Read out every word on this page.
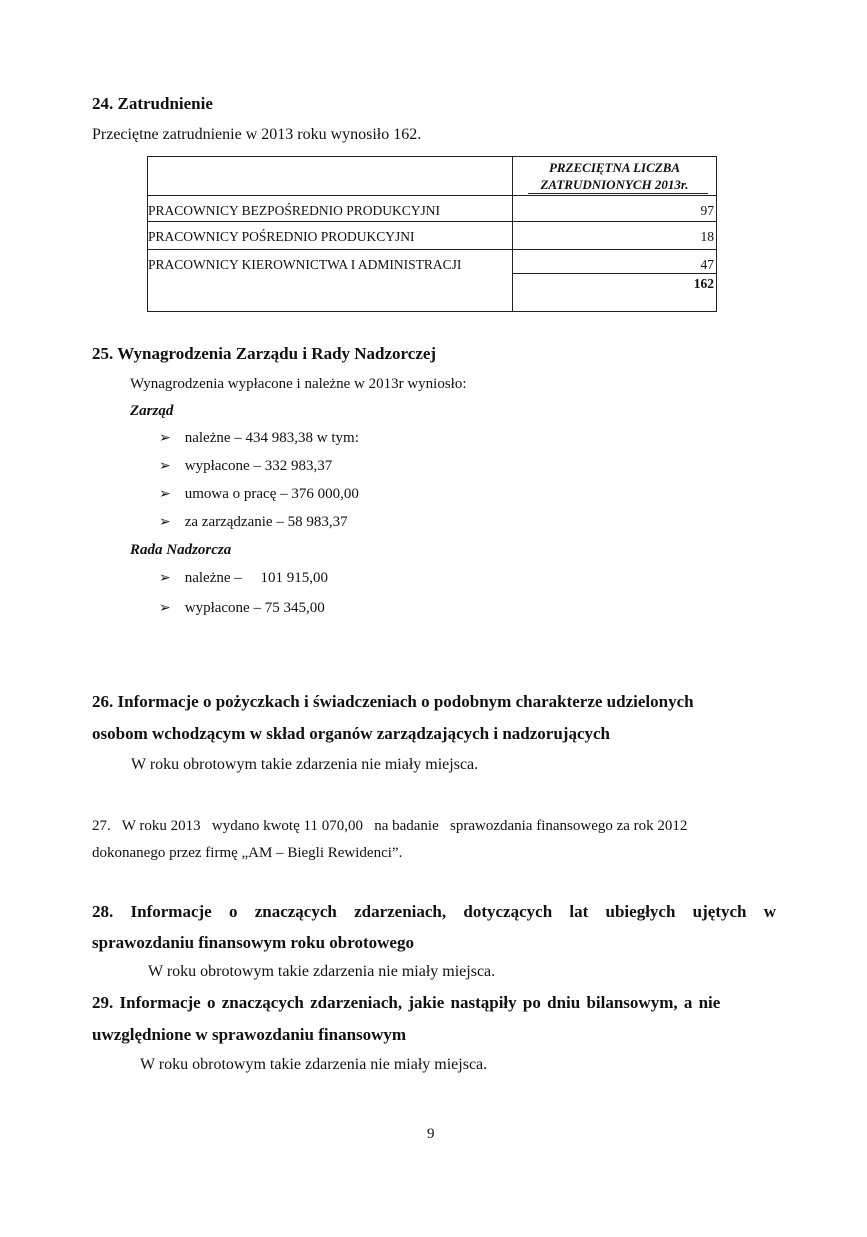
24. Zatrudnienie
Przeciętne zatrudnienie w 2013 roku wynosiło 162.
PRZECIĘTNA LICZBA
ZATRUDNIONYCH 2013r.
PRACOWNICY BEZPOŚREDNIO PRODUKCYJNI	97
PRACOWNICY POŚREDNIO PRODUKCYJNI	18
PRACOWNICY KIEROWNICTWA I ADMINISTRACJI	47
162
25. Wynagrodzenia Zarządu i Rady Nadzorczej
Wynagrodzenia wypłacone i należne w 2013r wyniosło:
Zarząd
➢ należne – 434 983,38 w tym:
➢ wypłacone – 332 983,37
➢ umowa o pracę – 376 000,00
➢ za zarządzanie – 58 983,37
Rada Nadzorcza
➢ należne –     101 915,00
➢ wypłacone – 75 345,00
26. Informacje o pożyczkach i świadczeniach o podobnym charakterze udzielonych
osobom wchodzącym w skład organów zarządzających i nadzorujących
W roku obrotowym takie zdarzenia nie miały miejsca.
27.   W roku 2013   wydano kwotę 11 070,00   na badanie   sprawozdania finansowego za rok 2012
dokonanego przez firmę „AM – Biegli Rewidenci”.
28. Informacje o znaczących zdarzeniach, dotyczących lat ubiegłych ujętych w
sprawozdaniu finansowym roku obrotowego
W roku obrotowym takie zdarzenia nie miały miejsca.
29. Informacje o znaczących zdarzeniach, jakie nastąpiły po dniu bilansowym, a nie
uwzględnione w sprawozdaniu finansowym
W roku obrotowym takie zdarzenia nie miały miejsca.
9
